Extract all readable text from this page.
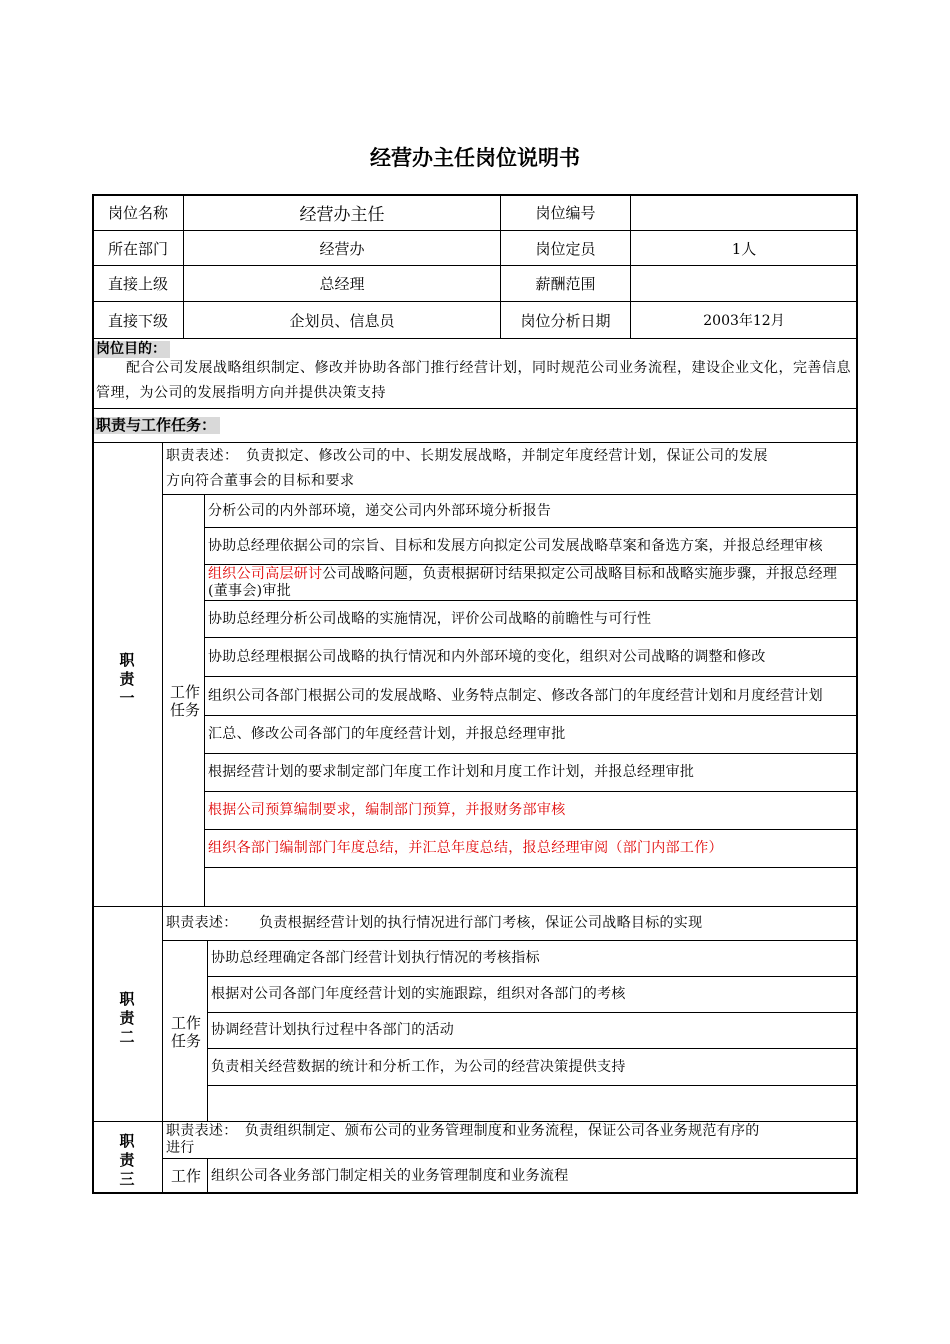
经营办主任岗位说明书
岗位名称	经营办主任	岗位编号
所在部门	经营办	岗位定员	1人
直接上级	总经理	薪酬范围
直接下级	企划员、信息员	岗位分析日期	2003年12月
岗位目的：
配合公司发展战略组织制定、修改并协助各部门推行经营计划，同时规范公司业务流程，建设企业文化，完善信息管理，为公司的发展指明方向并提供决策支持
职责与工作任务：
职责一
职责表述：　负责拟定、修改公司的中、长期发展战略，并制定年度经营计划，保证公司的发展
方向符合董事会的目标和要求
工作任务
分析公司的内外部环境，递交公司内外部环境分析报告
协助总经理依据公司的宗旨、目标和发展方向拟定公司发展战略草案和备选方案，并报总经理审核
组织公司高层研讨公司战略问题，负责根据研讨结果拟定公司战略目标和战略实施步骤，并报总经理(董事会)审批
协助总经理分析公司战略的实施情况，评价公司战略的前瞻性与可行性
协助总经理根据公司战略的执行情况和内外部环境的变化，组织对公司战略的调整和修改
组织公司各部门根据公司的发展战略、业务特点制定、修改各部门的年度经营计划和月度经营计划
汇总、修改公司各部门的年度经营计划，并报总经理审批
根据经营计划的要求制定部门年度工作计划和月度工作计划，并报总经理审批
根据公司预算编制要求，编制部门预算，并报财务部审核
组织各部门编制部门年度总结，并汇总年度总结，报总经理审阅（部门内部工作）
职责二
职责表述：　　负责根据经营计划的执行情况进行部门考核，保证公司战略目标的实现
工作任务
协助总经理确定各部门经营计划执行情况的考核指标
根据对公司各部门年度经营计划的实施跟踪，组织对各部门的考核
协调经营计划执行过程中各部门的活动
负责相关经营数据的统计和分析工作，为公司的经营决策提供支持
职责三
职责表述：　负责组织制定、颁布公司的业务管理制度和业务流程，保证公司各业务规范有序的
进行
工作 组织公司各业务部门制定相关的业务管理制度和业务流程
